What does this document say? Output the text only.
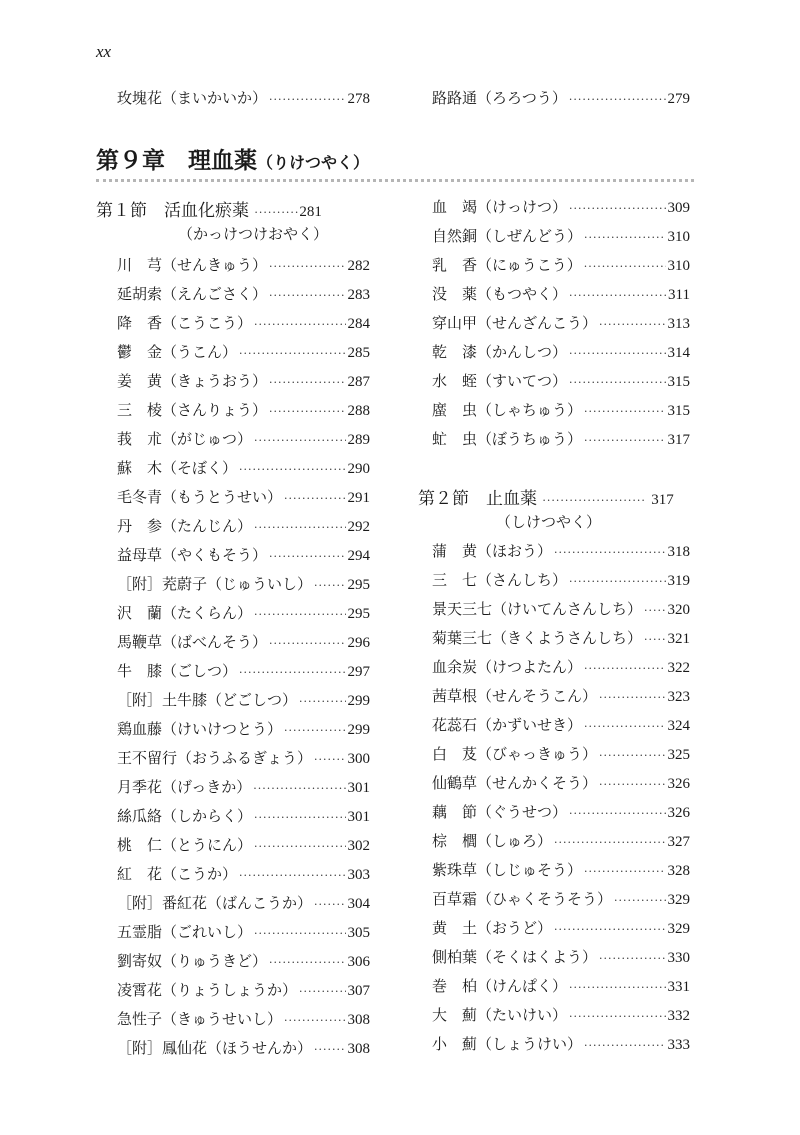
xx
玫塊花（まいかいか） ·····	278	路路通（ろろつう） ·····	279
第９章　理血薬（りけつやく）
第１節　活血化瘀薬 ··········281
（かっけつけおやく）
川　芎（せんきゅう） ·····	282
延胡索（えんごさく） ·····	283
降　香（こうこう） ·····	284
鬱　金（うこん） ·····	285
姜　黄（きょうおう） ·····	287
三　棱（さんりょう） ·····	288
莪　朮（がじゅつ） ·····	289
蘇　木（そぼく） ·····	290
毛冬青（もうとうせい） ·····	291
丹　参（たんじん） ·····	292
益母草（やくもそう） ·····	294
［附］茺蔚子（じゅういし） ····· 295
沢　蘭（たくらん） ·····	295
馬鞭草（ばべんそう） ·····	296
牛　膝（ごしつ） ·····	297
［附］土牛膝（どごしつ） ·····	299
鶏血藤（けいけつとう） ·····	299
王不留行（おうふるぎょう） ····· 300
月季花（げっきか） ·····	301
絲瓜絡（しからく） ·····	301
桃　仁（とうにん） ·····	302
紅　花（こうか） ·····	303
［附］番紅花（ばんこうか） ····· 304
五霊脂（ごれいし） ·····	305
劉寄奴（りゅうきど） ·····	306
凌霄花（りょうしょうか） ·····	307
急性子（きゅうせいし） ·····	308
［附］鳳仙花（ほうせんか） ····· 308
血　竭（けっけつ） ·····	309
自然銅（しぜんどう） ·····	310
乳　香（にゅうこう） ·····	310
没　薬（もつやく） ·····	311
穿山甲（せんざんこう） ·····	313
乾　漆（かんしつ） ·····	314
水　蛭（すいてつ） ·····	315
䗪　虫（しゃちゅう） ·····	315
虻　虫（ぼうちゅう） ·····	317
第２節　止血薬 ······················· 317
（しけつやく）
蒲　黄（ほおう） ·····	318
三　七（さんしち） ·····	319
景天三七（けいてんさんしち） ····· 320
菊葉三七（きくようさんしち） ····· 321
血余炭（けつよたん） ·····	322
茜草根（せんそうこん） ·····	323
花蕊石（かずいせき） ·····	324
白　芨（びゃっきゅう） ·····	325
仙鶴草（せんかくそう） ·····	326
藕　節（ぐうせつ） ·····	326
棕　櫚（しゅろ） ·····	327
紫珠草（しじゅそう） ·····	328
百草霜（ひゃくそうそう） ·····	329
黄　土（おうど） ·····	329
側柏葉（そくはくよう） ·····	330
巻　柏（けんぱく） ·····	331
大　薊（たいけい） ·····	332
小　薊（しょうけい） ·····	333
